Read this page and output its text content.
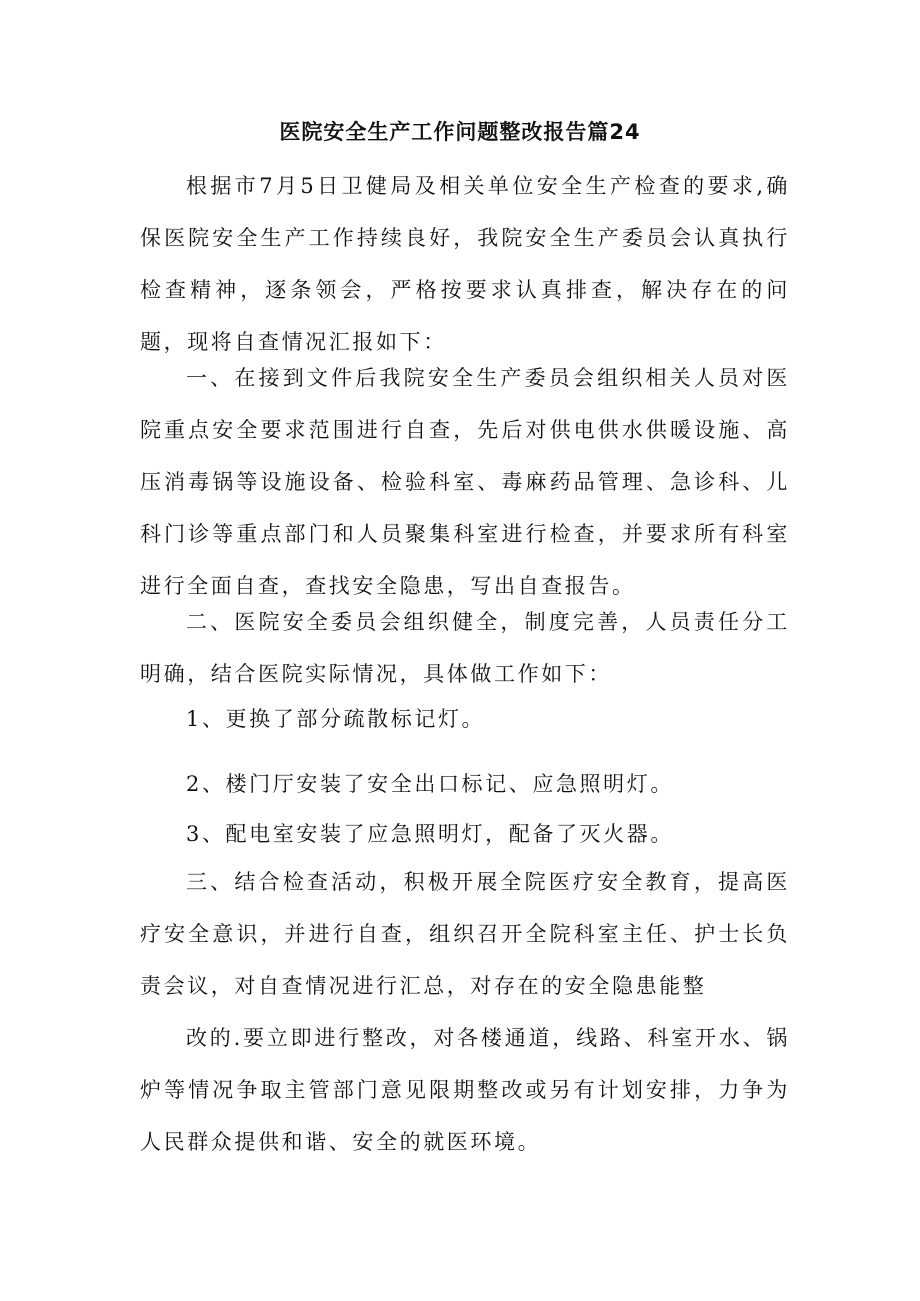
医院安全生产工作问题整改报告篇24

根据市7月5日卫健局及相关单位安全生产检查的要求,确保医院安全生产工作持续良好，我院安全生产委员会认真执行检查精神，逐条领会，严格按要求认真排查，解决存在的问题，现将自查情况汇报如下：

一、在接到文件后我院安全生产委员会组织相关人员对医院重点安全要求范围进行自查，先后对供电供水供暖设施、高压消毒锅等设施设备、检验科室、毒麻药品管理、急诊科、儿科门诊等重点部门和人员聚集科室进行检查，并要求所有科室进行全面自查，查找安全隐患，写出自查报告。

二、医院安全委员会组织健全，制度完善，人员责任分工明确，结合医院实际情况，具体做工作如下：

1、更换了部分疏散标记灯。

2、楼门厅安装了安全出口标记、应急照明灯。

3、配电室安装了应急照明灯，配备了灭火器。

三、结合检查活动，积极开展全院医疗安全教育，提高医疗安全意识，并进行自查，组织召开全院科室主任、护士长负责会议，对自查情况进行汇总，对存在的安全隐患能整

改的.要立即进行整改，对各楼通道，线路、科室开水、锅炉等情况争取主管部门意见限期整改或另有计划安排，力争为人民群众提供和谐、安全的就医环境。
